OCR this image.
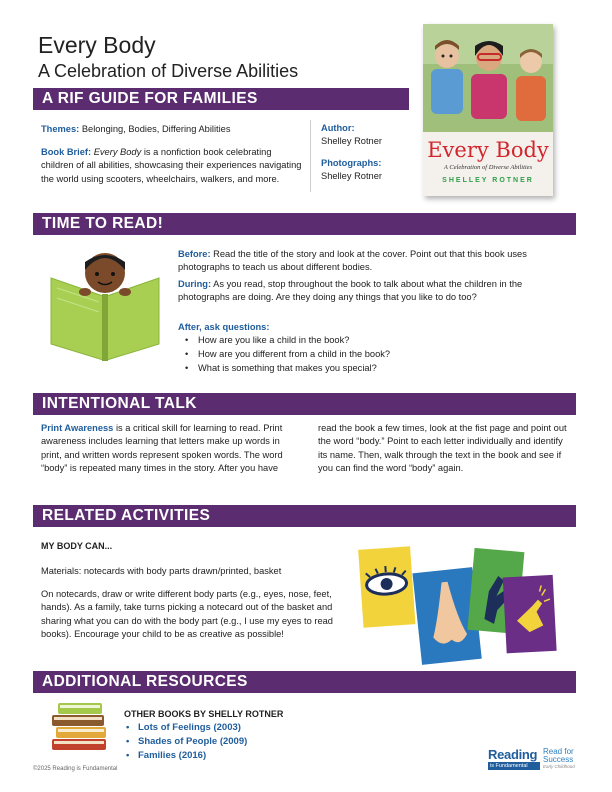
Every Body
A Celebration of Diverse Abilities
A RIF GUIDE FOR FAMILIES
Every Body
A Celebration of Diverse Abilities
SHELLEY ROTNER
Themes: Belonging, Bodies, Differing Abilities
Book Brief: Every Body is a nonfiction book celebrating children of all abilities, showcasing their experiences navigating the world using scooters, wheelchairs, walkers, and more.
Author:
Shelley Rotner
Photographs:
Shelley Rotner
TIME TO READ!
Before: Read the title of the story and look at the cover. Point out that this book uses photographs to teach us about different bodies.
During: As you read, stop throughout the book to talk about what the children in the photographs are doing. Are they doing any things that you like to do too?
After, ask questions:
• How are you like a child in the book?
• How are you different from a child in the book?
• What is something that makes you special?
INTENTIONAL TALK
Print Awareness is a critical skill for learning to read. Print awareness includes learning that letters make up words in print, and written words represent spoken words. The word “body” is repeated many times in the story. After you have
read the book a few times, look at the fist page and point out the word “body.” Point to each letter individually and identify its name. Then, walk through the text in the book and see if you can find the word “body” again.
RELATED ACTIVITIES
MY BODY CAN...
Materials: notecards with body parts drawn/printed, basket
On notecards, draw or write different body parts (e.g., eyes, nose, feet, hands). As a family, take turns picking a notecard out of the basket and sharing what you can do with the body part (e.g., I use my eyes to read books). Encourage your child to be as creative as possible!
ADDITIONAL RESOURCES
OTHER BOOKS BY SHELLY ROTNER
• Lots of Feelings (2003)
• Shades of People (2009)
• Families (2016)
©2025 Reading is Fundamental
Reading
is Fundamental
Read for
Success
Early Childhood
